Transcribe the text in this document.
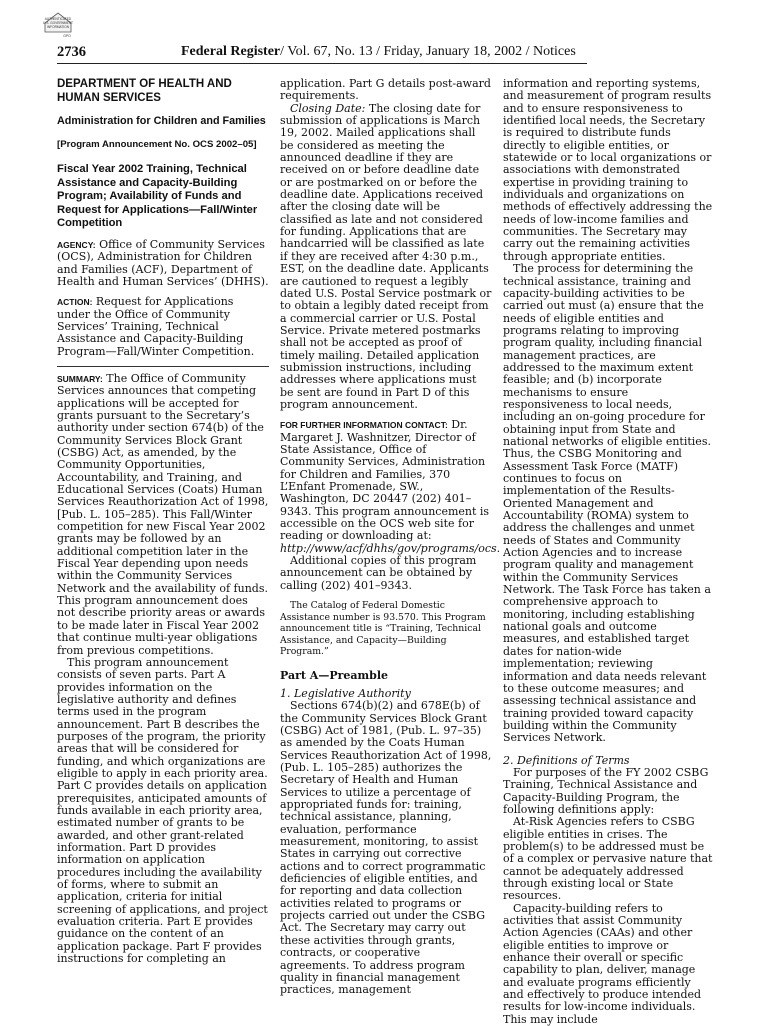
AUTHENTICATED
U.S. GOVERNMENT
INFORMATION
GPO
2736	Federal Register/ Vol. 67, No. 13 / Friday, January 18, 2002 / Notices

DEPARTMENT OF HEALTH AND HUMAN SERVICES

Administration for Children and Families

[Program Announcement No. OCS 2002–05]

Fiscal Year 2002 Training, Technical Assistance and Capacity-Building Program; Availability of Funds and Request for Applications—Fall/Winter Competition

AGENCY: Office of Community Services (OCS), Administration for Children and Families (ACF), Department of Health and Human Services’ (DHHS).

ACTION: Request for Applications under the Office of Community Services’ Training, Technical Assistance and Capacity-Building Program—Fall/Winter Competition.

SUMMARY: The Office of Community Services announces that competing applications will be accepted for grants pursuant to the Secretary’s authority under section 674(b) of the Community Services Block Grant (CSBG) Act, as amended, by the Community Opportunities, Accountability, and Training, and Educational Services (Coats) Human Services Reauthorization Act of 1998, [Pub. L. 105–285). This Fall/Winter competition for new Fiscal Year 2002 grants may be followed by an additional competition later in the Fiscal Year depending upon needs within the Community Services Network and the availability of funds. This program announcement does not describe priority areas or awards to be made later in Fiscal Year 2002 that continue multi-year obligations from previous competitions.

This program announcement consists of seven parts. Part A provides information on the legislative authority and defines terms used in the program announcement. Part B describes the purposes of the program, the priority areas that will be considered for funding, and which organizations are eligible to apply in each priority area. Part C provides details on application prerequisites, anticipated amounts of funds available in each priority area, estimated number of grants to be awarded, and other grant-related information. Part D provides information on application procedures including the availability of forms, where to submit an application, criteria for initial screening of applications, and project evaluation criteria. Part E provides guidance on the content of an application package. Part F provides instructions for completing an

application. Part G details post-award requirements.

Closing Date: The closing date for submission of applications is March 19, 2002. Mailed applications shall be considered as meeting the announced deadline if they are received on or before deadline date or are postmarked on or before the deadline date. Applications received after the closing date will be classified as late and not considered for funding. Applications that are handcarried will be classified as late if they are received after 4:30 p.m., EST, on the deadline date. Applicants are cautioned to request a legibly dated U.S. Postal Service postmark or to obtain a legibly dated receipt from a commercial carrier or U.S. Postal Service. Private metered postmarks shall not be accepted as proof of timely mailing. Detailed application submission instructions, including addresses where applications must be sent are found in Part D of this program announcement.

FOR FURTHER INFORMATION CONTACT: Dr. Margaret J. Washnitzer, Director of State Assistance, Office of Community Services, Administration for Children and Families, 370 L’Enfant Promenade, SW., Washington, DC 20447 (202) 401–9343. This program announcement is accessible on the OCS web site for reading or downloading at: http://www/acf/dhhs/gov/programs/ocs.

Additional copies of this program announcement can be obtained by calling (202) 401–9343.

The Catalog of Federal Domestic Assistance number is 93.570. This Program announcement title is “Training, Technical Assistance, and Capacity—Building Program.”

Part A—Preamble

1. Legislative Authority

Sections 674(b)(2) and 678E(b) of the Community Services Block Grant (CSBG) Act of 1981, (Pub. L. 97–35) as amended by the Coats Human Services Reauthorization Act of 1998, (Pub. L. 105–285) authorizes the Secretary of Health and Human Services to utilize a percentage of appropriated funds for: training, technical assistance, planning, evaluation, performance measurement, monitoring, to assist States in carrying out corrective actions and to correct programmatic deficiencies of eligible entities, and for reporting and data collection activities related to programs or projects carried out under the CSBG Act. The Secretary may carry out these activities through grants, contracts, or cooperative agreements. To address program quality in financial management practices, management

information and reporting systems, and measurement of program results and to ensure responsiveness to identified local needs, the Secretary is required to distribute funds directly to eligible entities, or statewide or to local organizations or associations with demonstrated expertise in providing training to individuals and organizations on methods of effectively addressing the needs of low-income families and communities. The Secretary may carry out the remaining activities through appropriate entities.

The process for determining the technical assistance, training and capacity-building activities to be carried out must (a) ensure that the needs of eligible entities and programs relating to improving program quality, including financial management practices, are addressed to the maximum extent feasible; and (b) incorporate mechanisms to ensure responsiveness to local needs, including an on-going procedure for obtaining input from State and national networks of eligible entities. Thus, the CSBG Monitoring and Assessment Task Force (MATF) continues to focus on implementation of the Results-Oriented Management and Accountability (ROMA) system to address the challenges and unmet needs of States and Community Action Agencies and to increase program quality and management within the Community Services Network. The Task Force has taken a comprehensive approach to monitoring, including establishing national goals and outcome measures, and established target dates for nation-wide implementation; reviewing information and data needs relevant to these outcome measures; and assessing technical assistance and training provided toward capacity building within the Community Services Network.

2. Definitions of Terms

For purposes of the FY 2002 CSBG Training, Technical Assistance and Capacity-Building Program, the following definitions apply:

At-Risk Agencies refers to CSBG eligible entities in crises. The problem(s) to be addressed must be of a complex or pervasive nature that cannot be adequately addressed through existing local or State resources.

Capacity-building refers to activities that assist Community Action Agencies (CAAs) and other eligible entities to improve or enhance their overall or specific capability to plan, deliver, manage and evaluate programs efficiently and effectively to produce intended results for low-income individuals. This may include
